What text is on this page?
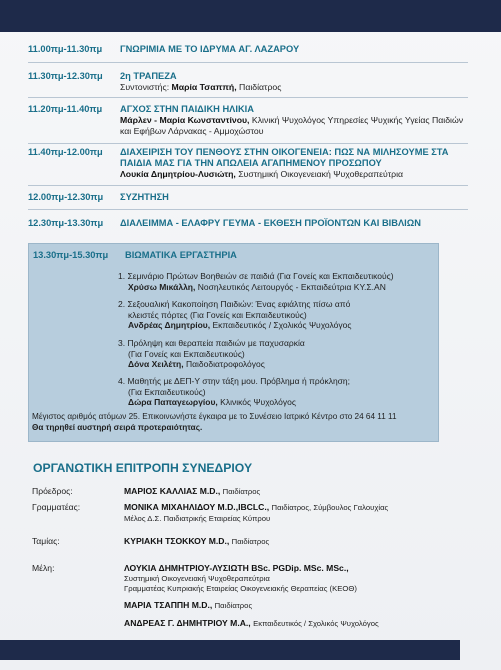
11.00πμ-11.30πμ	ΓΝΩΡΙΜΙΑ ΜΕ ΤΟ ΙΔΡΥΜΑ ΑΓ. ΛΑΖΑΡΟΥ
11.30πμ-12.30πμ	2η ΤΡΑΠΕΖΑ
Συντονιστής: Μαρία Τσαππή, Παιδίατρος
11.20πμ-11.40πμ	ΑΓΧΟΣ ΣΤΗΝ ΠΑΙΔΙΚΗ ΗΛΙΚΙΑ
Μάρλεν - Μαρία Κωνσταντίνου, Κλινική Ψυχολόγος Υπηρεσίες Ψυχικής Υγείας Παιδιών και Εφήβων Λάρνακας - Αμμοχώστου
11.40πμ-12.00πμ	ΔΙΑΧΕΙΡΙΣΗ ΤΟΥ ΠΕΝΘΟΥΣ ΣΤΗΝ ΟΙΚΟΓΕΝΕΙΑ: ΠΩΣ ΝΑ ΜΙΛΗΣΟΥΜΕ ΣΤΑ ΠΑΙΔΙΑ ΜΑΣ ΓΙΑ ΤΗΝ ΑΠΩΛΕΙΑ ΑΓΑΠΗΜΕΝΟΥ ΠΡΟΣΩΠΟΥ
Λουκία Δημητρίου-Λυσιώτη, Συστημική Οικογενειακή Ψυχοθεραπεύτρια
12.00πμ-12.30πμ	ΣΥΖΗΤΗΣΗ
12.30πμ-13.30πμ	ΔΙΑΛΕΙΜΜΑ - ΕΛΑΦΡΥ ΓΕΥΜΑ - ΕΚΘΕΣΗ ΠΡΟΪΟΝΤΩΝ ΚΑΙ ΒΙΒΛΙΩΝ
13.30πμ-15.30πμ	ΒΙΩΜΑΤΙΚΑ ΕΡΓΑΣΤΗΡΙΑ
1. Σεμινάριο Πρώτων Βοηθειών σε παιδιά (Για Γονείς και Εκπαιδευτικούς)
Χρύσω Μικάλλη, Νοσηλευτικός Λειτουργός - Εκπαιδεύτρια ΚΥ.Σ.ΑΝ
2. Σεξουαλική Κακοποίηση Παιδιών: Ένας εφιάλτης πίσω από
κλειστές πόρτες (Για Γονείς και Εκπαιδευτικούς)
Ανδρέας Δημητρίου, Εκπαιδευτικός / Σχολικός Ψυχολόγος
3. Πρόληψη και θεραπεία παιδιών με παχυσαρκία
(Για Γονείς και Εκπαιδευτικούς)
Δόνα Χειλέτη, Παιδοδιατροφολόγος
4. Μαθητής με ΔΕΠ-Υ στην τάξη μου. Πρόβλημα ή πρόκληση;
(Για Εκπαιδευτικούς)
Δώρα Παπαγεωργίου, Κλινικός Ψυχολόγος
Μέγιστος αριθμός ατόμων 25. Επικοινωνήστε έγκαιρα με το Συνέσειο Ιατρικό Κέντρο στο 24 64 11 11
Θα τηρηθεί αυστηρή σειρά προτεραιότητας.
ΟΡΓΑΝΩΤΙΚΗ ΕΠΙΤΡΟΠΗ ΣΥΝΕΔΡΙΟΥ
Πρόεδρος:	ΜΑΡΙΟΣ ΚΑΛΛΙΑΣ M.D., Παιδίατρος
Γραμματέας:	ΜΟΝΙΚΑ ΜΙΧΑΗΛΙΔΟΥ M.D.,IBCLC., Παιδίατρος, Σύμβουλος Γαλουχίας
Μέλος Δ.Σ. Παιδιατρικής Εταιρείας Κύπρου
Ταμίας:	ΚΥΡΙΑΚΗ ΤΣΟΚΚΟΥ M.D., Παιδίατρος
Μέλη:	ΛΟΥΚΙΑ ΔΗΜΗΤΡΙΟΥ-ΛΥΣΙΩΤΗ BSc. PGDip. MSc. MSc.,
Συστημική Οικογενειακή Ψυχοθεραπεύτρια
Γραμματέας Κυπριακής Εταιρείας Οικογενειακής Θεραπείας (ΚΕΟΘ)
ΜΑΡΙΑ ΤΣΑΠΠΗ M.D., Παιδίατρος
ΑΝΔΡΕΑΣ Γ. ΔΗΜΗΤΡΙΟΥ M.A., Εκπαιδευτικός / Σχολικός Ψυχολόγος
